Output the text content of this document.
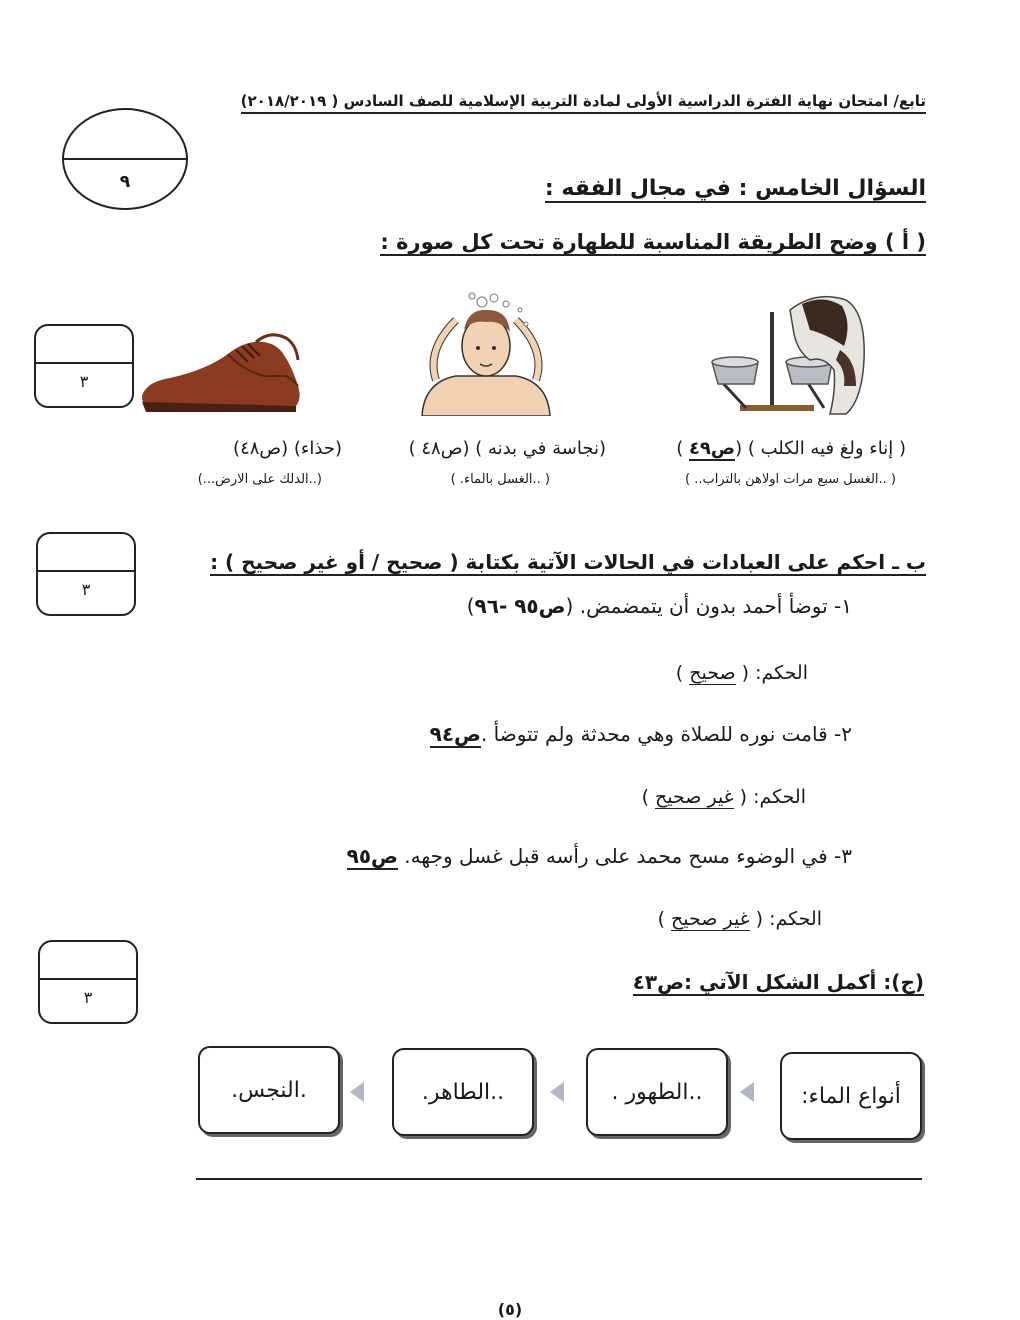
تابع/ امتحان نهاية الفترة الدراسية الأولى لمادة التربية الإسلامية للصف السادس ( ٢٠١٨/٢٠١٩)
٩	السؤال الخامس : في مجال الفقه :
( أ ) وضح الطريقة المناسبة للطهارة تحت كل صورة :
٣
( إناء ولغ فيه الكلب ) (ص٤٩ )
( ..الغسل سبع مرات اولاهن بالتراب.. )
(نجاسة في بدنه ) (ص٤٨ )
( ..الغسل بالماء. )
(حذاء) (ص٤٨)
(..الدلك على الارض...)
٣
ب ـ احكم على العبادات في الحالات الآتية بكتابة ( صحيح / أو غير صحيح ) :
١- توضأ أحمد بدون أن يتمضمض. (ص٩٥ -٩٦)
الحكم: ( صحيح )
٢- قامت نوره للصلاة وهي محدثة ولم تتوضأ .ص٩٤
الحكم: ( غير صحيح )
٣- في الوضوء مسح محمد على رأسه قبل غسل وجهه. ص٩٥
الحكم: ( غير صحيح )
٣
(ج): أكمل الشكل الآتي :ص٤٣
أنواع الماء:
..الطهور .
..الطاهر.
.النجس.
(٥)
